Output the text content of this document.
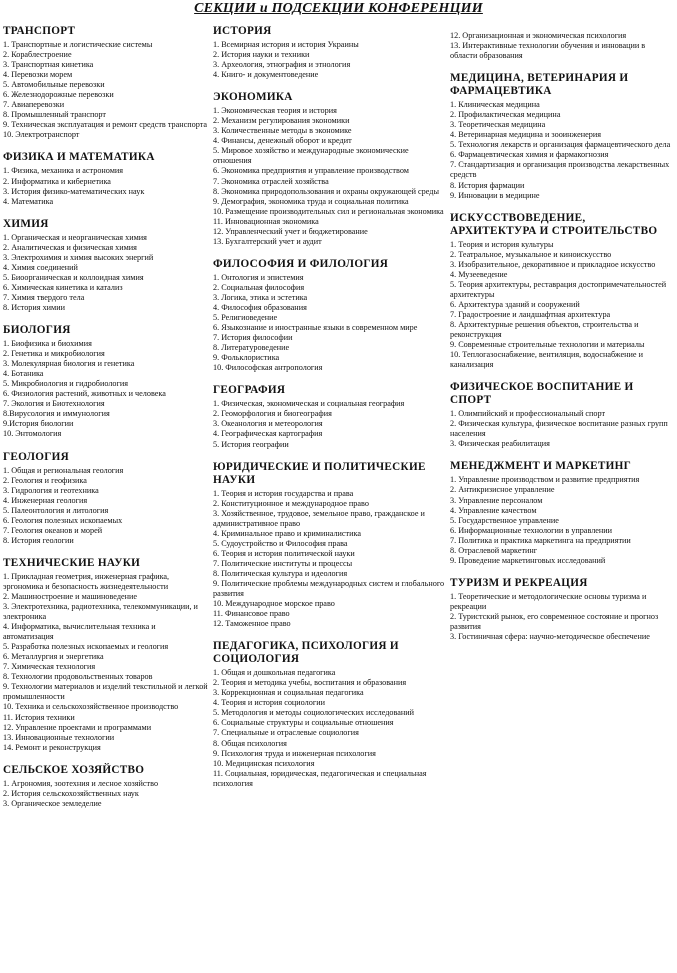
СЕКЦИИ и ПОДСЕКЦИИ КОНФЕРЕНЦИИ
ТРАНСПОРТ
1. Транспортные и логистические системы
2. Кораблестроение
3. Транспортная кинетика
4. Перевозки морем
5. Автомобильные перевозки
6. Железнодорожные перевозки
7. Авиаперевозки
8. Промышленный транспорт
9. Техническая эксплуатация и ремонт средств транспорта
10. Электротранспорт
ФИЗИКА И МАТЕМАТИКА
1. Физика, механика и астрономия
2. Информатика и кибернетика
3. История физико-математических наук
4. Математика
ХИМИЯ
1. Органическая и неорганическая химия
2. Аналитическая и физическая химия
3. Электрохимия и химия высоких энергий
4. Химия соединений
5. Биоорганическая и коллоидная химия
6. Химическая кинетика и катализ
7. Химия твердого тела
8. История химии
БИОЛОГИЯ
1. Биофизика и биохимия
2. Генетика и микробиология
3. Молекулярная биология и генетика
4. Ботаника
5. Микробиология и гидробиология
6. Физиология растений, животных и человека
7. Экология и Биотехнология
8.Вирусология и иммунология
9.История биологии
10. Энтомология
ГЕОЛОГИЯ
1. Общая и региональная геология
2. Геология и геофизика
3. Гидрология и геотехника
4. Инженерная геология
5. Палеонтология и литология
6. Геология полезных ископаемых
7. Геология океанов и морей
8. История геологии
ТЕХНИЧЕСКИЕ НАУКИ
1. Прикладная геометрия, инженерная графика, эргономика и безопасность жизнедеятельности
2. Машиностроение и машиноведение
3. Электротехника, радиотехника, телекоммуникации, и электроника
4. Информатика, вычислительная техника и автоматизация
5. Разработка полезных ископаемых и геология
6. Металлургия и энергетика
7. Химическая технология
8. Технологии продовольственных товаров
9. Технологии материалов и изделий текстильной и легкой промышленности
10. Техника и сельскохозяйственное производство
11. История техники
12. Управление проектами и программами
13. Инновационные технологии
14. Ремонт и реконструкция
СЕЛЬСКОЕ ХОЗЯЙСТВО
1. Агрономия, зоотехния и лесное хозяйство
2. История сельскохозяйственных наук
3. Органическое земледелие
ИСТОРИЯ
1. Всемирная история и история Украины
2. История науки и техники
3. Археология, этнография и этнология
4. Книго- и документоведение
ЭКОНОМИКА
1. Экономическая теория и история
2. Механизм регулирования экономики
3. Количественные методы в экономике
4. Финансы, денежный оборот и кредит
5. Мировое хозяйство и международные экономические отношения
6. Экономика предприятия и управление производством
7. Экономика отраслей хозяйства
8. Экономика природопользования и охраны окружающей среды
9. Демография, экономика труда и социальная политика
10. Размещение производительных сил и региональная экономика
11. Инновационная экономика
12. Управленческий учет и бюджетирование
13. Бухгалтерский учет и аудит
ФИЛОСОФИЯ И ФИЛОЛОГИЯ
1. Онтология и эпистемия
2. Социальная философия
3. Логика, этика и эстетика
4. Философия образования
5. Религиоведение
6. Языкознание и иностранные языки в современном мире
7. История философии
8. Литературоведение
9. Фольклористика
10. Философская антропология
ГЕОГРАФИЯ
1. Физическая, экономическая и социальная география
2. Геоморфология и биогеография
3. Океанология и метеорология
4. Географическая картография
5. История географии
ЮРИДИЧЕСКИЕ И ПОЛИТИЧЕСКИЕ НАУКИ
1. Теория и история государства и права
2. Конституционное и международное право
3. Хозяйственное, трудовое, земельное право, гражданское и административное право
4. Криминальное право и криминалистика
5. Судоустройство и Философия права
6. Теория и история политической науки
7. Политические институты и процессы
8. Политическая культура и идеология
9. Политические проблемы международных систем и глобального развития
10. Международное морское право
11. Финансовое право
12. Таможенное право
ПЕДАГОГИКА, ПСИХОЛОГИЯ И СОЦИОЛОГИЯ
1. Общая и дошкольная педагогика
2. Теория и методика учебы, воспитания и образования
3. Коррекционная и социальная педагогика
4. Теория и история социологии
5. Методология и методы социологических исследований
6. Социальные структуры и социальные отношения
7. Специальные и отраслевые социология
8. Общая психология
9. Психология труда и инженерная психология
10. Медицинская психология
11. Социальная, юридическая, педагогическая и специальная психология
12. Организационная и экономическая психология
13. Интерактивные технологии обучения и инновации в области образования
МЕДИЦИНА, ВЕТЕРИНАРИЯ И ФАРМАЦЕВТИКА
1. Клиническая медицина
2. Профилактическая медицина
3. Теоретическая медицина
4. Ветеринарная медицина и зооинженерия
5. Технология лекарств и организация фармацевтического дела
6. Фармацевтическая химия и фармакогнозия
7. Стандартизация и организация производства лекарственных средств
8. История фармации
9. Инновации в медицине
ИСКУССТВОВЕДЕНИЕ, АРХИТЕКТУРА И СТРОИТЕЛЬСТВО
1. Теория и история культуры
2. Театральное, музыкальное и киноискусство
3. Изобразительное, декоративное и прикладное искусство
4. Музееведение
5. Теория архитектуры, реставрация достопримечательностей архитектуры
6. Архитектура зданий и сооружений
7. Градостроение и ландшафтная архитектура
8. Архитектурные решения объектов, строительства и реконструкция
9. Современные строительные технологии и материалы
10. Теплогазоснабжение, вентиляция, водоснабжение и канализация
ФИЗИЧЕСКОЕ ВОСПИТАНИЕ И СПОРТ
1. Олимпийский и профессиональный спорт
2. Физическая культура, физическое воспитание разных групп населения
3. Физическая реабилитация
МЕНЕДЖМЕНТ И МАРКЕТИНГ
1. Управление производством и развитие предприятия
2. Антикризисное управление
3. Управление персоналом
4. Управление качеством
5. Государственное управление
6. Информационные технологии в управлении
7. Политика и практика маркетинга на предприятии
8. Отраслевой маркетинг
9. Проведение маркетинговых исследований
ТУРИЗМ И РЕКРЕАЦИЯ
1. Теоретические и методологические основы туризма и рекреации
2. Туристский рынок, его современное состояние и прогноз развития
3. Гостиничная сфера: научно-методическое обеспечение
